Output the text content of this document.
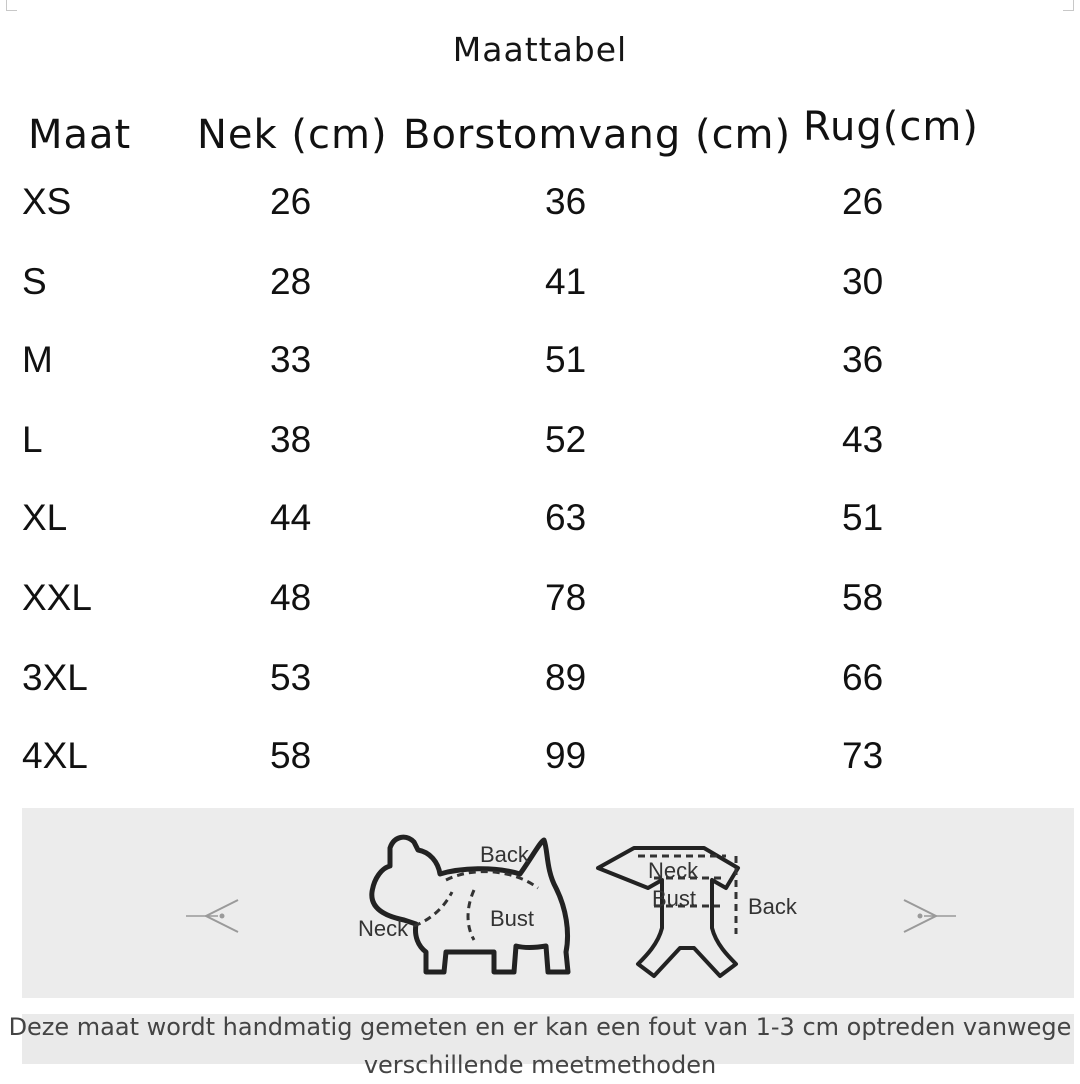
Maattabel
Maat Nek (cm) Borstomvang (cm) Rug(cm)
XS	26	36	26
S	28	41	30
M	33	51	36
L	38	52	43
XL	44	63	51
XXL	48	78	58
3XL	53	89	66
4XL	58	99	73
Back
Neck	Bust
Neck
Bust Back
Deze maat wordt handmatig gemeten en er kan een fout van 1-3 cm optreden vanwege verschillende meetmethoden
